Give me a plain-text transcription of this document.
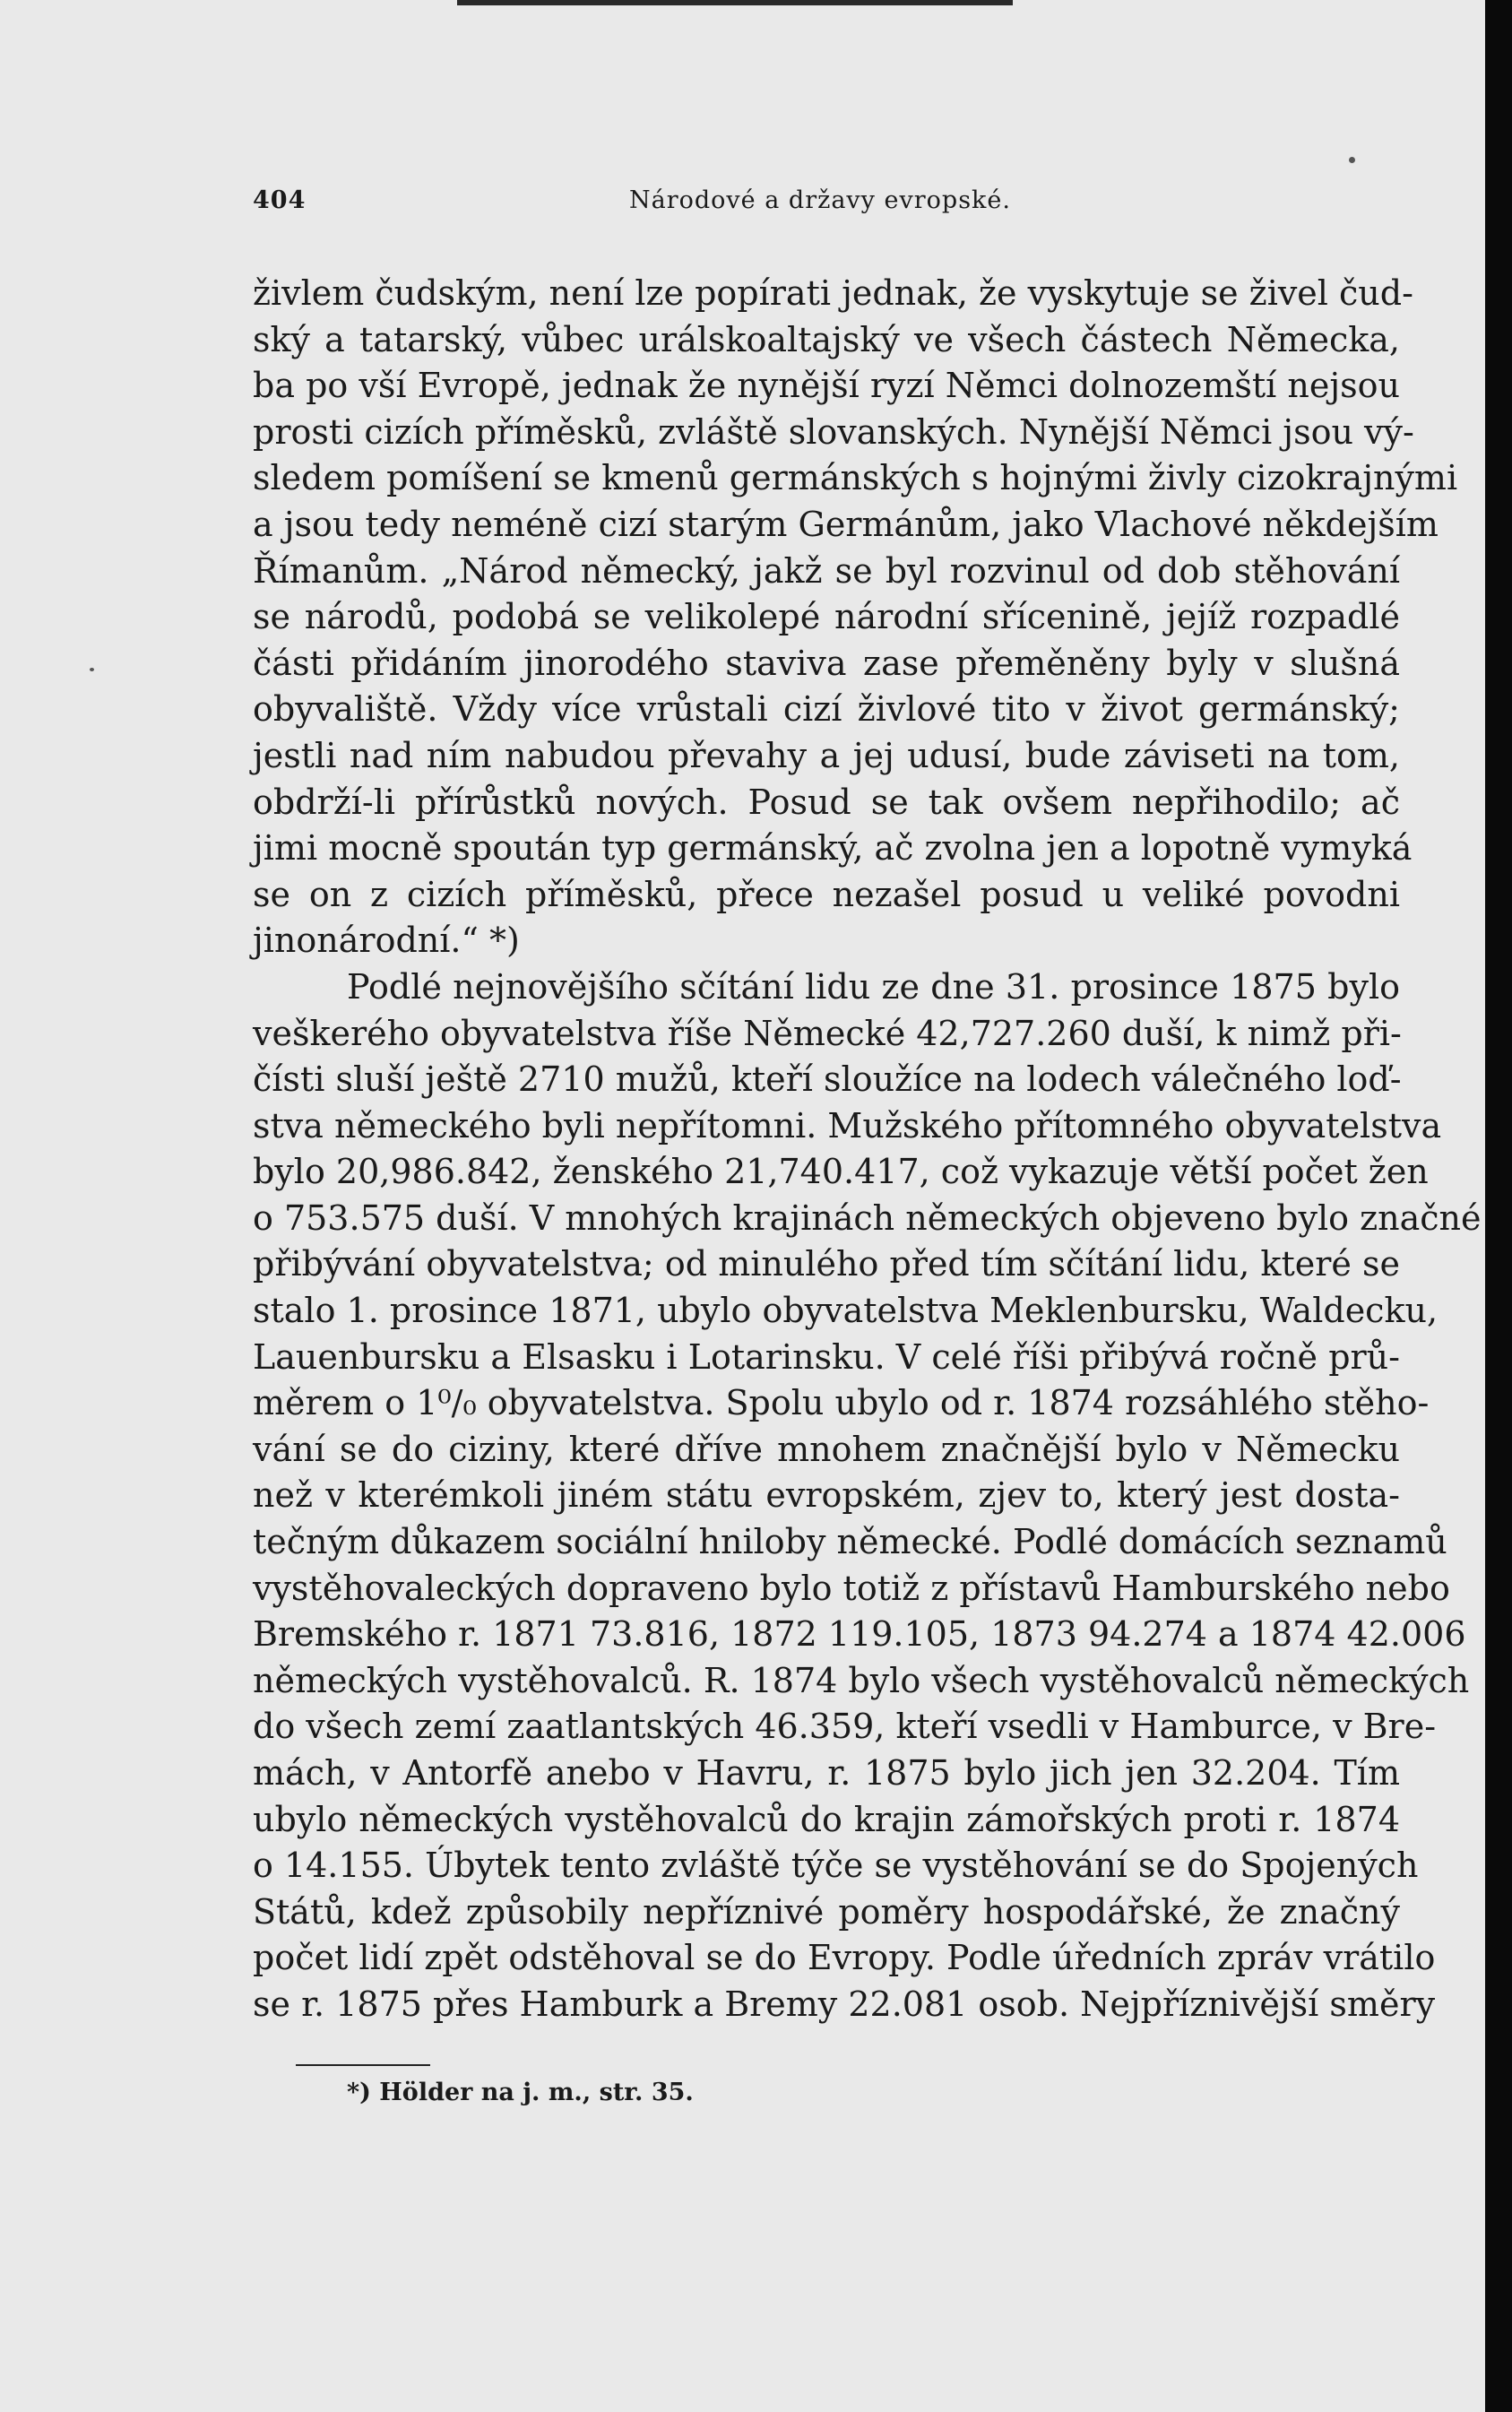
404	Národové a državy evropské.
živlem čudským, není lze popírati jednak, že vyskytuje se živel čud-
ský a tatarský, vůbec urálskoaltajský ve všech částech Německa,
ba po vší Evropě, jednak že nynější ryzí Němci dolnozemští nejsou
prosti cizích příměsků, zvláště slovanských. Nynější Němci jsou vý-
sledem pomíšení se kmenů germánských s hojnými živly cizokrajnými
a jsou tedy neméně cizí starým Germánům, jako Vlachové někdejším
Římanům. „Národ německý, jakž se byl rozvinul od dob stěhování
se národů, podobá se velikolepé národní sřícenině, jejíž rozpadlé
části přidáním jinorodého staviva zase přeměněny byly v slušná
obyvaliště. Vždy více vrůstali cizí živlové tito v život germánský;
jestli nad ním nabudou převahy a jej udusí, bude záviseti na tom,
obdrží-li přírůstků nových. Posud se tak ovšem nepřihodilo; ač
jimi mocně spoután typ germánský, ač zvolna jen a lopotně vymyká
se on z cizích příměsků, přece nezašel posud u veliké povodni
jinonárodní.“ *)
Podlé nejnovějšího sčítání lidu ze dne 31. prosince 1875 bylo
veškerého obyvatelstva říše Německé 42,727.260 duší, k nimž při-
čísti sluší ještě 2710 mužů, kteří sloužíce na lodech válečného loď-
stva německého byli nepřítomni. Mužského přítomného obyvatelstva
bylo 20,986.842, ženského 21,740.417, což vykazuje větší počet žen
o 753.575 duší. V mnohých krajinách německých objeveno bylo značné
přibývání obyvatelstva; od minulého před tím sčítání lidu, které se
stalo 1. prosince 1871, ubylo obyvatelstva Meklenbursku, Waldecku,
Lauenbursku a Elsasku i Lotarinsku. V celé říši přibývá ročně prů-
měrem o 1⁰/₀ obyvatelstva. Spolu ubylo od r. 1874 rozsáhlého stěho-
vání se do ciziny, které dříve mnohem značnější bylo v Německu
než v kterémkoli jiném státu evropském, zjev to, který jest dosta-
tečným důkazem sociální hniloby německé. Podlé domácích seznamů
vystěhovaleckých dopraveno bylo totiž z přístavů Hamburského nebo
Bremského r. 1871 73.816, 1872 119.105, 1873 94.274 a 1874 42.006
německých vystěhovalců. R. 1874 bylo všech vystěhovalců německých
do všech zemí zaatlantských 46.359, kteří vsedli v Hamburce, v Bre-
mách, v Antorfě anebo v Havru, r. 1875 bylo jich jen 32.204. Tím
ubylo německých vystěhovalců do krajin zámořských proti r. 1874
o 14.155. Úbytek tento zvláště týče se vystěhování se do Spojených
Států, kdež způsobily nepříznivé poměry hospodářské, že značný
počet lidí zpět odstěhoval se do Evropy. Podle úředních zpráv vrátilo
se r. 1875 přes Hamburk a Bremy 22.081 osob. Nejpříznivější směry
*) Hölder na j. m., str. 35.
